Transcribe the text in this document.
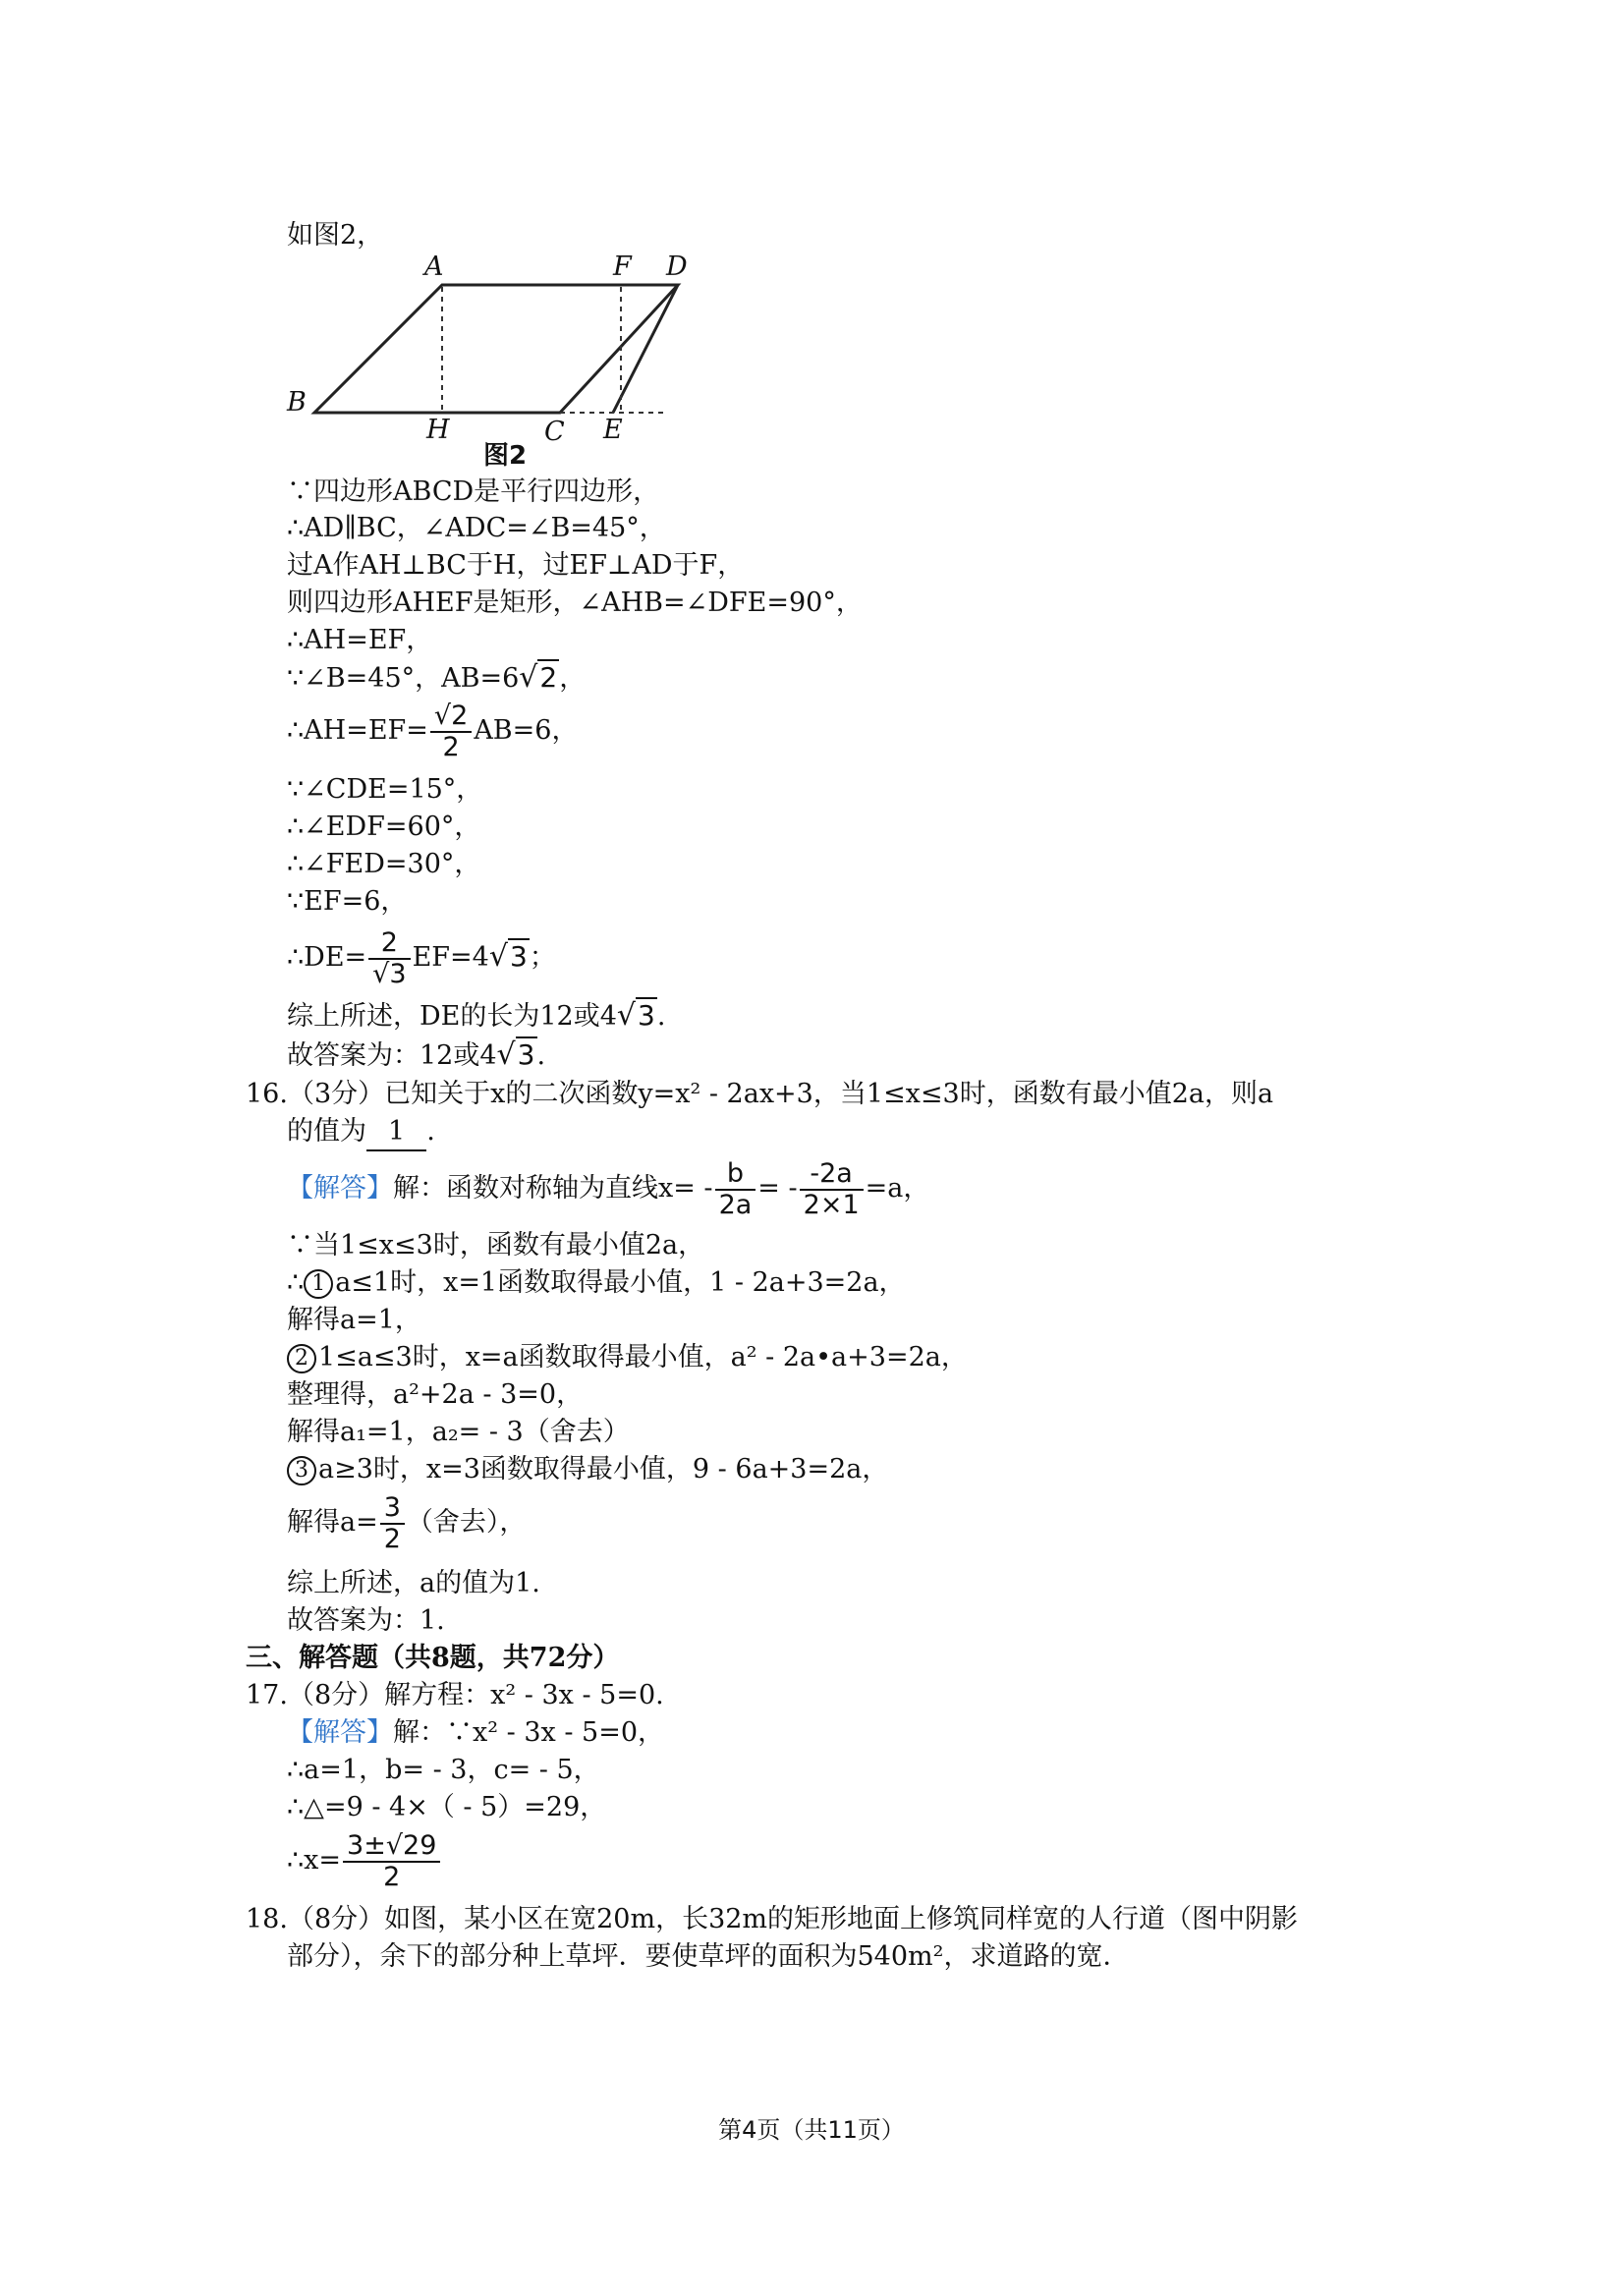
如图2，
A	F D
B
H	C E
图2
∵四边形ABCD是平行四边形，
∴AD∥BC，∠ADC=∠B=45°，
过A作AH⊥BC于H，过EF⊥AD于F，
则四边形AHEF是矩形，∠AHB=∠DFE=90°，
∴AH=EF，
∵∠B=45°，AB=6√2，
∴AH=EF= $\frac{√2}{2} AB=6$，
∵∠CDE=15°，
∴∠EDF=60°，
∴∠FED=30°，
∵EF=6，
∴DE= $\frac{2}{√3} EF=4√3$；
综上所述，DE的长为12或4√3.
故答案为：12或4√3.
16.（3分）已知关于x的二次函数y=x² - 2ax+3，当1≤x≤3时，函数有最小值2a，则a
的值为 1 .
【解答】解：函数对称轴为直线$x= - \frac{b}{2a}$ = - $\frac{-2a}{2\times 1} =a$，
∵当1≤x≤3时，函数有最小值2a，
∴ 1 a≤1时，x=1函数取得最小值，1 - 2a+3=2a，
解得a=1，
2 1≤a≤3时，x=a函数取得最小值，a² - 2a•a+3=2a，
整理得，a²+2a - 3=0，
解得a₁=1，a₂= - 3（舍去）
3 a≥3时，x=3函数取得最小值，9 - 6a+3=2a，
解得$a= \frac{3}{2}$ （舍去），
综上所述，a的值为1.
故答案为：1.
三、解答题（共8题，共72分）
17.（8分）解方程：x² - 3x - 5=0.
【解答】解：∵x² - 3x - 5=0，
∴a=1，b= - 3，c= - 5，
∴△=9 - 4×（ - 5）=29，
∴x= $\frac{3\pm√29}{2}$
18.（8分）如图，某小区在宽20m，长32m的矩形地面上修筑同样宽的人行道（图中阴影
部分），余下的部分种上草坪．要使草坪的面积为540m²，求道路的宽．
第4页（共11页）
